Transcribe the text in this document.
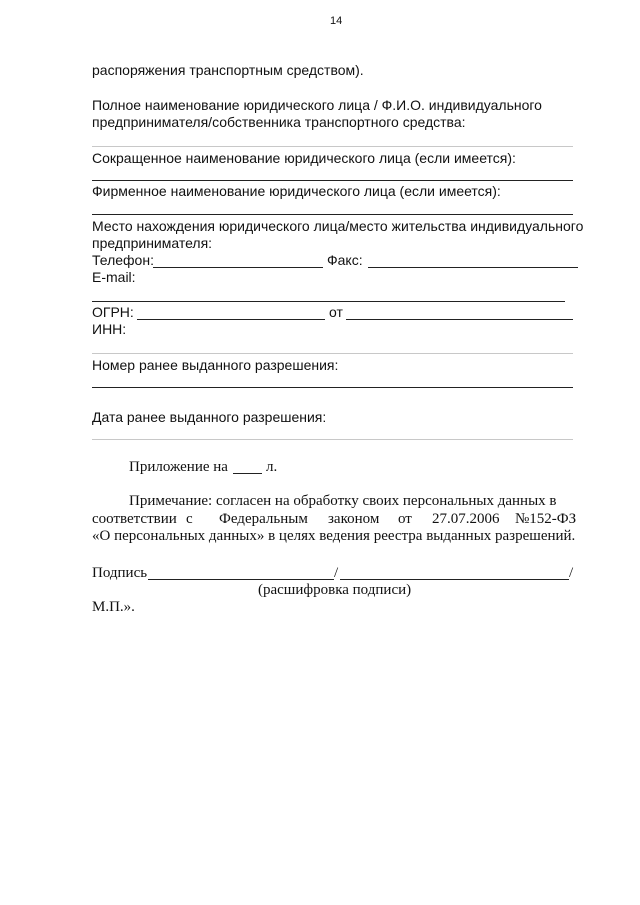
14
распоряжения транспортным средством).
Полное наименование юридического лица / Ф.И.О. индивидуального
предпринимателя/собственника транспортного средства:
Сокращенное наименование юридического лица (если имеется):
Фирменное наименование юридического лица (если имеется):
Место нахождения юридического лица/место жительства индивидуального
предпринимателя:
Телефон:	Факс:
E-mail:
ОГРН:	от
ИНН:
Номер ранее выданного разрешения:
Дата ранее выданного разрешения:
Приложение на	л.
Примечание: согласен на обработку своих персональных данных в
соответствии с Федеральным законом от 27.07.2006 №152-ФЗ
«О персональных данных» в целях ведения реестра выданных разрешений.
Подпись	/	/
(расшифровка подписи)
М.П.».
